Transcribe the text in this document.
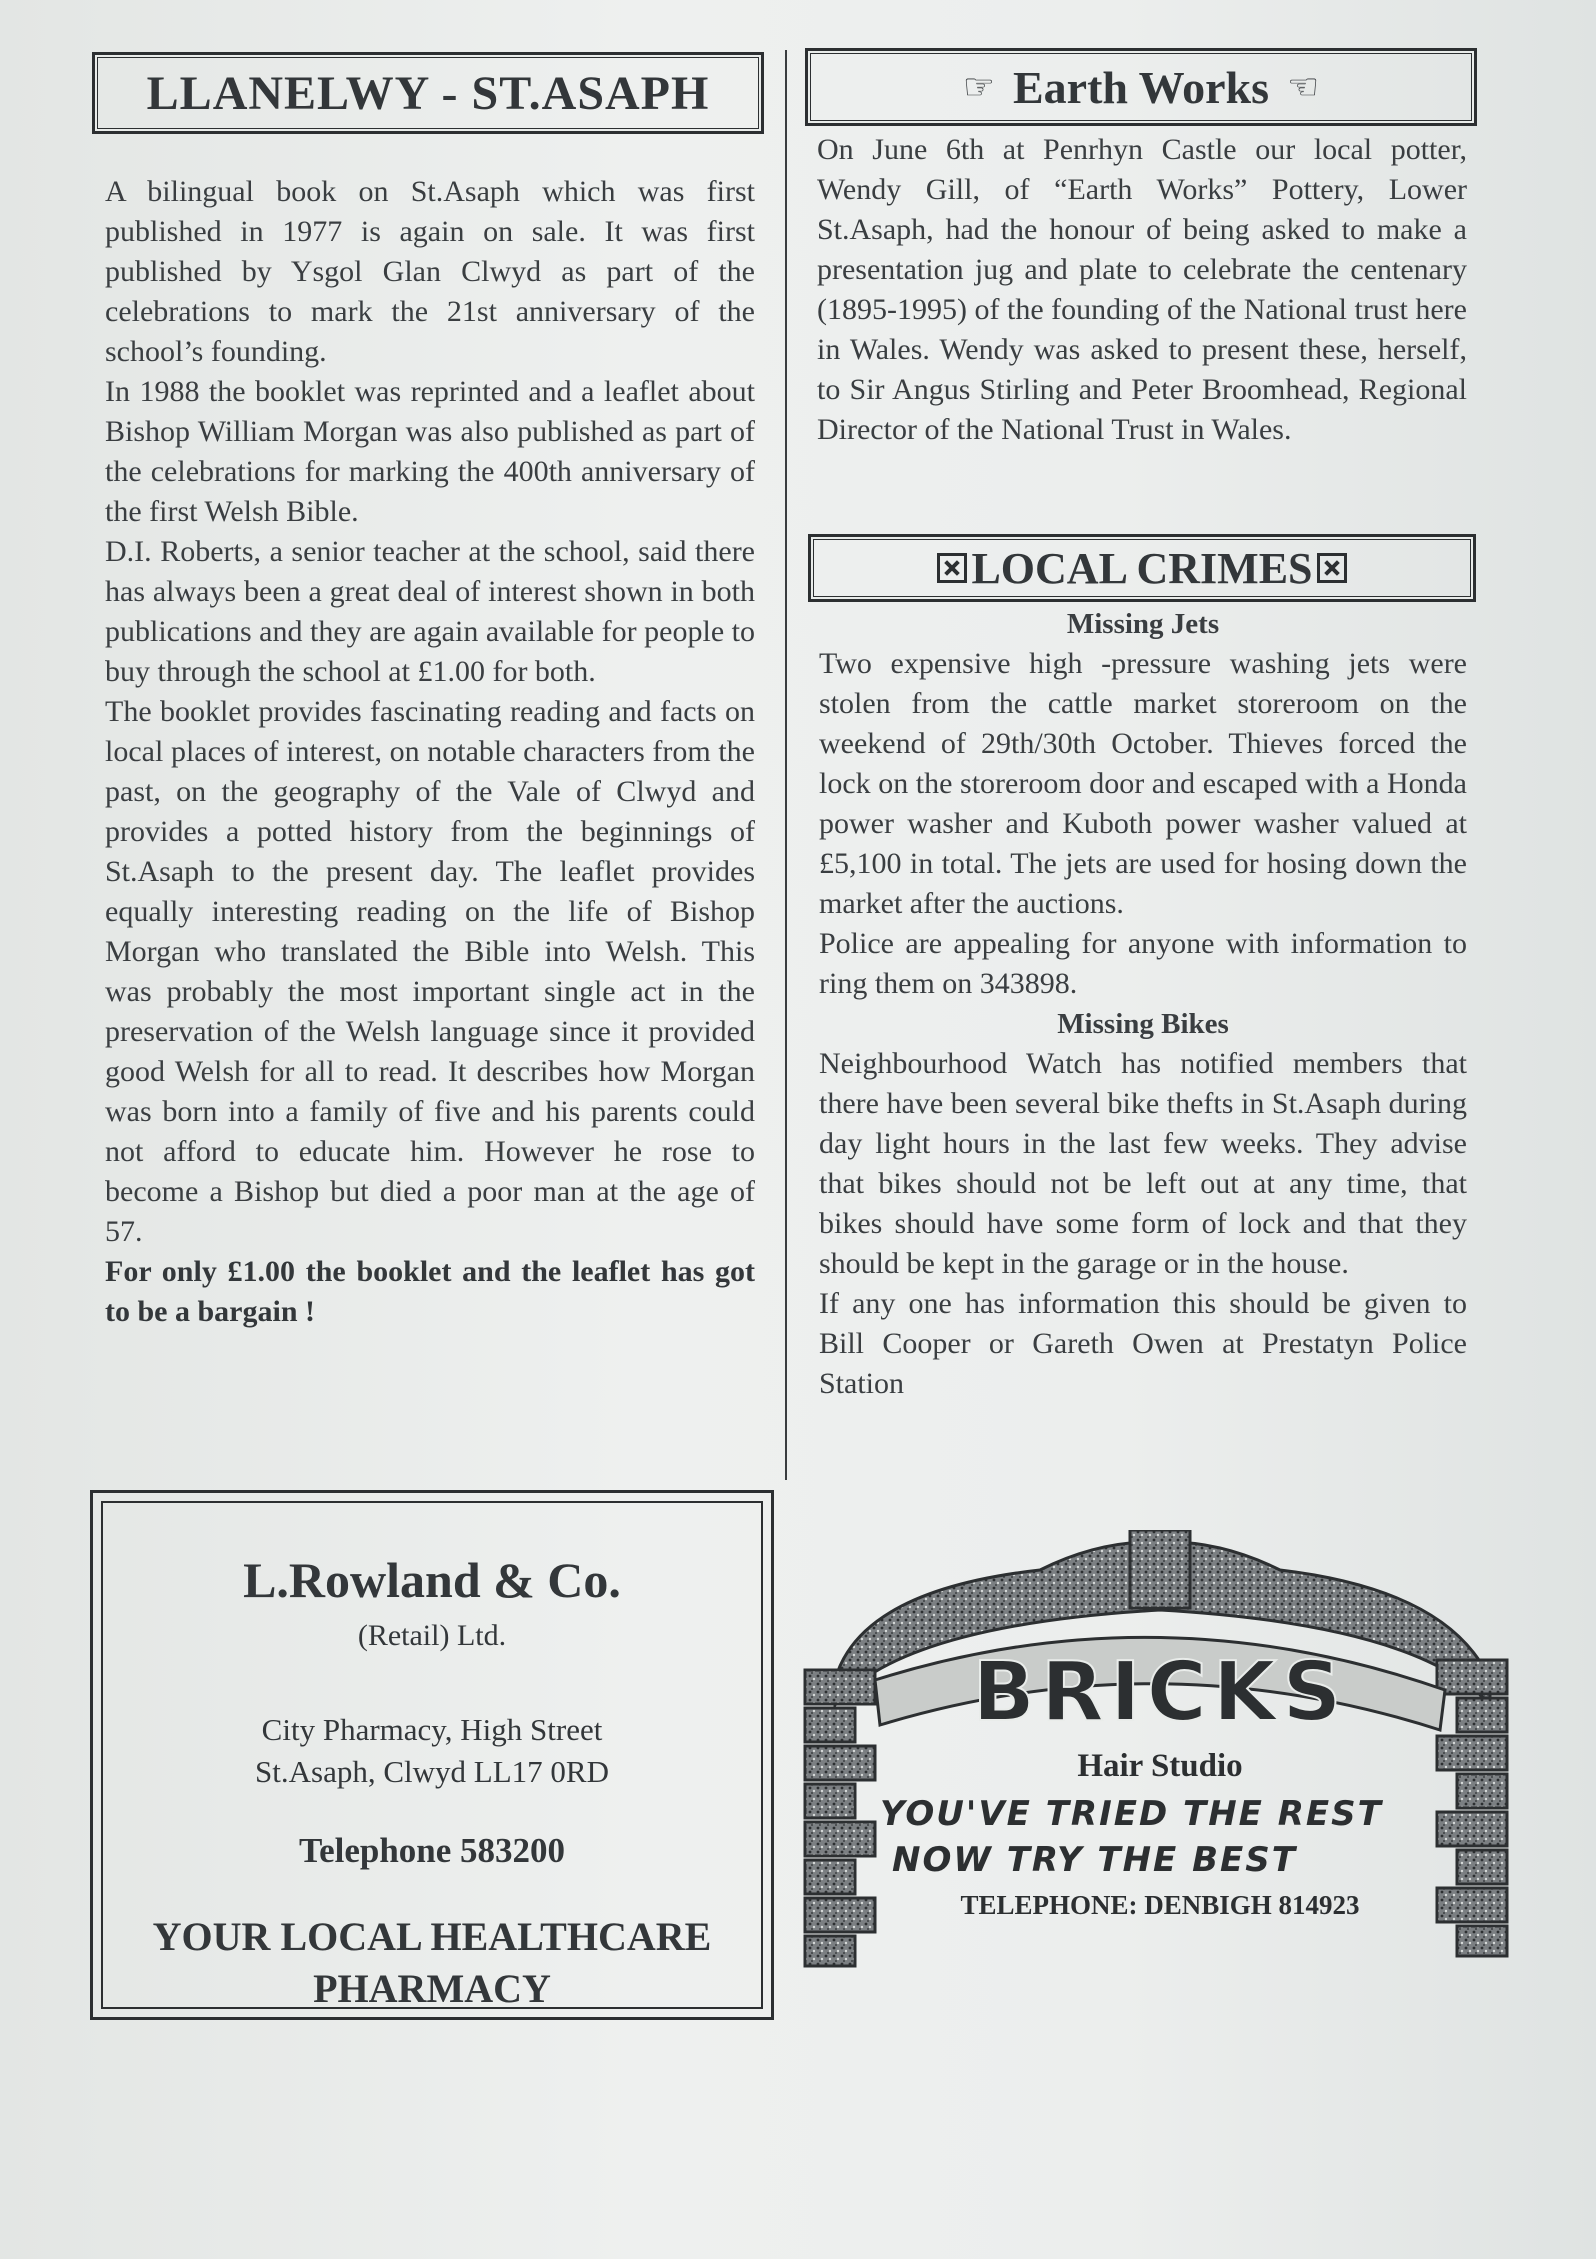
LLANELWY - ST.ASAPH

A bilingual book on St.Asaph which was first published in 1977 is again on sale. It was first published by Ysgol Glan Clwyd as part of the celebrations to mark the 21st anniversary of the school’s founding.

In 1988 the booklet was reprinted and a leaflet about Bishop William Morgan was also published as part of the celebrations for marking the 400th anniversary of the first Welsh Bible.

D.I. Roberts, a senior teacher at the school, said there has always been a great deal of interest shown in both publications and they are again available for people to buy through the school at £1.00 for both.

The booklet provides fascinating reading and facts on local places of interest, on notable characters from the past, on the geography of the Vale of Clwyd and provides a potted history from the beginnings of St.Asaph to the present day. The leaflet provides equally interesting reading on the life of Bishop Morgan who translated the Bible into Welsh. This was probably the most important single act in the preservation of the Welsh language since it provided good Welsh for all to read. It describes how Morgan was born into a family of five and his parents could not afford to educate him. However he rose to become a Bishop but died a poor man at the age of 57.

For only £1.00 the booklet and the leaflet has got to be a bargain !

☞ Earth Works ☜

On June 6th at Penrhyn Castle our local potter, Wendy Gill, of “Earth Works” Pottery, Lower St.Asaph, had the honour of being asked to make a presentation jug and plate to celebrate the centenary (1895-1995) of the founding of the National trust here in Wales. Wendy was asked to present these, herself, to Sir Angus Stirling and Peter Broomhead, Regional Director of the National Trust in Wales.

LOCAL CRIMES

Missing Jets

Two expensive high -pressure washing jets were stolen from the cattle market storeroom on the weekend of 29th/30th October. Thieves forced the lock on the storeroom door and escaped with a Honda power washer and Kuboth power washer valued at £5,100 in total. The jets are used for hosing down the market after the auctions.

Police are appealing for anyone with information to ring them on 343898.

Missing Bikes

Neighbourhood Watch has notified members that there have been several bike thefts in St.Asaph during day light hours in the last few weeks. They advise that bikes should not be left out at any time, that bikes should have some form of lock and that they should be kept in the garage or in the house.

If any one has information this should be given to Bill Cooper or Gareth Owen at Prestatyn Police Station

L.Rowland & Co.
(Retail) Ltd.
City Pharmacy, High Street
St.Asaph, Clwyd LL17 0RD
Telephone 583200
YOUR LOCAL HEALTHCARE
PHARMACY
BRICKS
Hair Studio
YOU'VE TRIED THE REST
NOW TRY THE BEST
TELEPHONE: DENBIGH 814923
